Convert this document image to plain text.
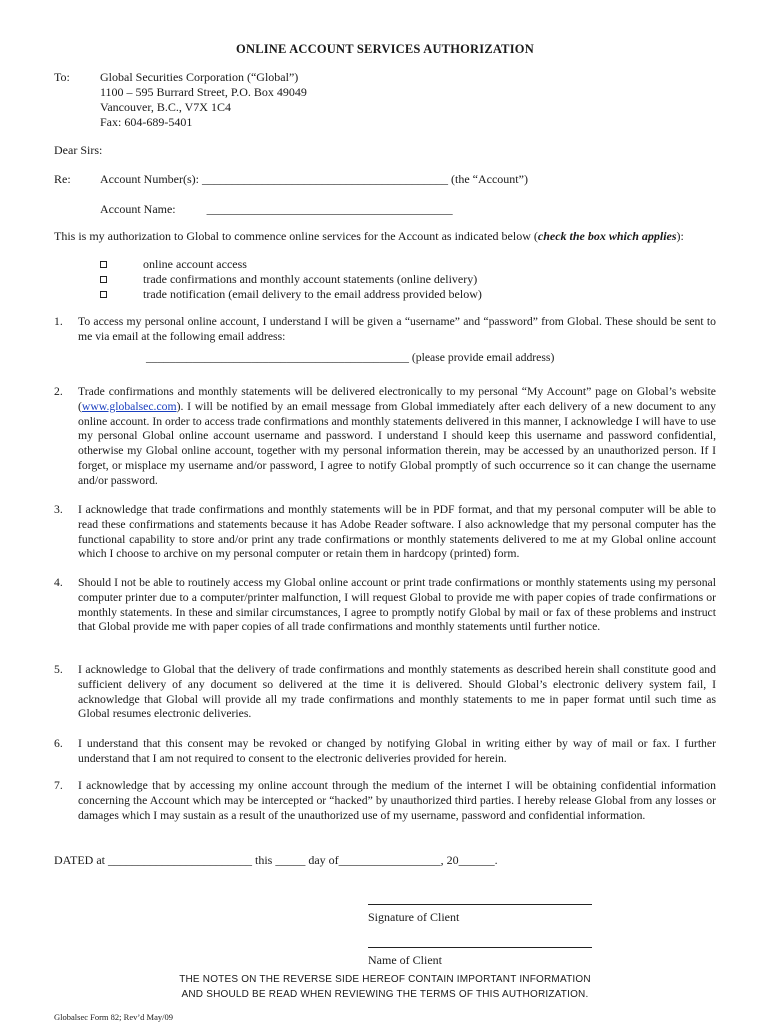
ONLINE ACCOUNT SERVICES AUTHORIZATION
To:	Global Securities Corporation (“Global”)
1100 – 595 Burrard Street, P.O. Box 49049
Vancouver, B.C., V7X 1C4
Fax: 604-689-5401
Dear Sirs:
Re: Account Number(s): _________________________________________ (the “Account”)
Account Name:	_________________________________________
This is my authorization to Global to commence online services for the Account as indicated below (check the box which applies):
online account access
trade confirmations and monthly account statements (online delivery)
trade notification (email delivery to the email address provided below)
1. To access my personal online account, I understand I will be given a “username” and “password” from Global. These should be sent to me via email at the following email address:
_____________________________________________ (please provide email address)
2. Trade confirmations and monthly statements will be delivered electronically to my personal “My Account” page on Global’s website (www.globalsec.com). I will be notified by an email message from Global immediately after each delivery of a new document to any online account. In order to access trade confirmations and monthly statements delivered in this manner, I acknowledge I will have to use my personal Global online account username and password. I understand I should keep this username and password confidential, otherwise my Global online account, together with my personal information therein, may be accessed by an unauthorized person. If I forget, or misplace my username and/or password, I agree to notify Global promptly of such occurrence so it can change the username and/or password.
3. I acknowledge that trade confirmations and monthly statements will be in PDF format, and that my personal computer will be able to read these confirmations and statements because it has Adobe Reader software. I also acknowledge that my personal computer has the functional capability to store and/or print any trade confirmations or monthly statements delivered to me at my Global online account which I choose to archive on my personal computer or retain them in hardcopy (printed) form.
4. Should I not be able to routinely access my Global online account or print trade confirmations or monthly statements using my personal computer printer due to a computer/printer malfunction, I will request Global to provide me with paper copies of trade confirmations or monthly statements. In these and similar circumstances, I agree to promptly notify Global by mail or fax of these problems and instruct that Global provide me with paper copies of all trade confirmations and monthly statements until further notice.
5. I acknowledge to Global that the delivery of trade confirmations and monthly statements as described herein shall constitute good and sufficient delivery of any document so delivered at the time it is delivered. Should Global’s electronic delivery system fail, I acknowledge that Global will provide all my trade confirmations and monthly statements to me in paper format until such time as Global resumes electronic deliveries.
6. I understand that this consent may be revoked or changed by notifying Global in writing either by way of mail or fax. I further understand that I am not required to consent to the electronic deliveries provided for herein.
7. I acknowledge that by accessing my online account through the medium of the internet I will be obtaining confidential information concerning the Account which may be intercepted or “hacked” by unauthorized third parties. I hereby release Global from any losses or damages which I may sustain as a result of the unauthorized use of my username, password and confidential information.
DATED at ________________________ this _____ day of_________________, 20______.
Signature of Client
Name of Client
THE NOTES ON THE REVERSE SIDE HEREOF CONTAIN IMPORTANT INFORMATION
AND SHOULD BE READ WHEN REVIEWING THE TERMS OF THIS AUTHORIZATION.
Globalsec Form 82; Rev’d May/09
